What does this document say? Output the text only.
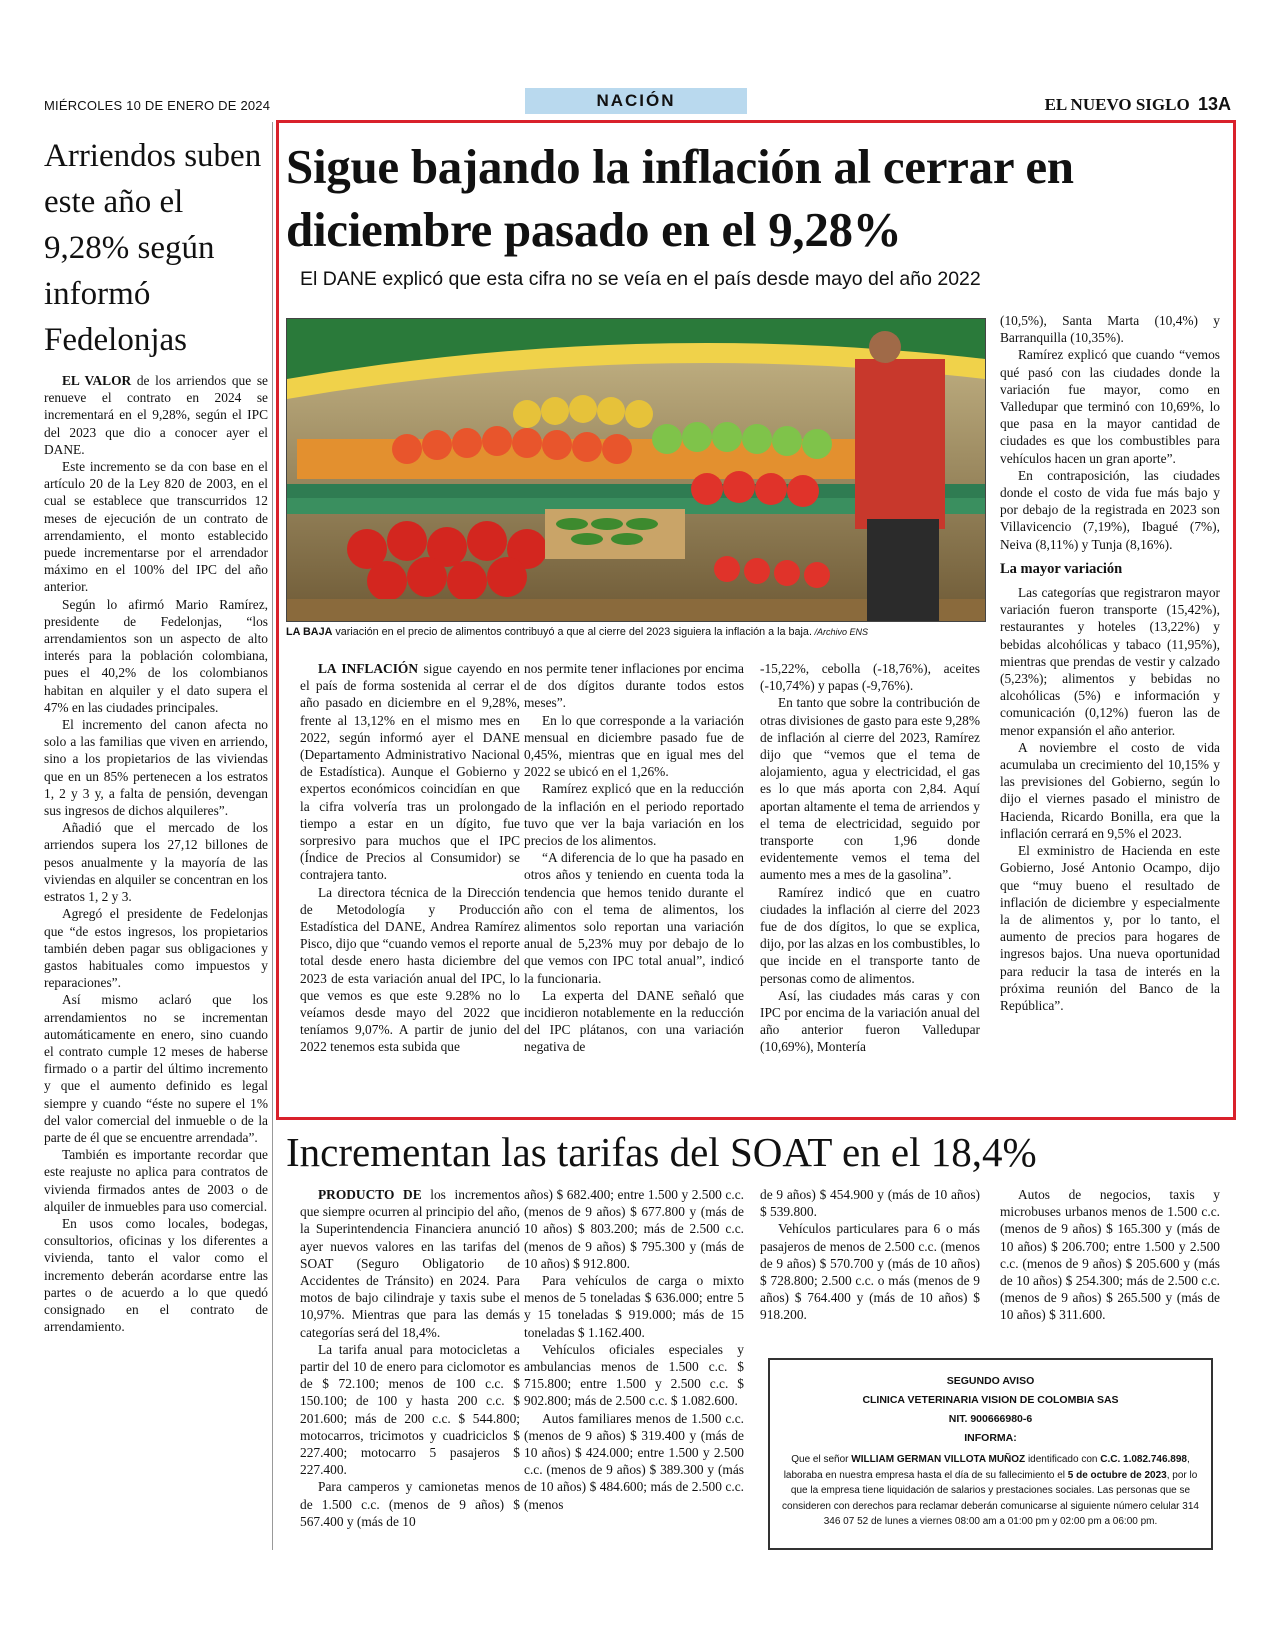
MIÉRCOLES 10 DE ENERO DE 2024	NACIÓN	EL NUEVO SIGLO 13A
Arriendos suben este año el 9,28% según informó Fedelonjas

EL VALOR de los arriendos que se renueve el contrato en 2024 se incrementará en el 9,28%, según el IPC del 2023 que dio a conocer ayer el DANE.

Este incremento se da con base en el artículo 20 de la Ley 820 de 2003, en el cual se establece que transcurridos 12 meses de ejecución de un contrato de arrendamiento, el monto establecido puede incrementarse por el arrendador máximo en el 100% del IPC del año anterior.

Según lo afirmó Mario Ramírez, presidente de Fedelonjas, “los arrendamientos son un aspecto de alto interés para la población colombiana, pues el 40,2% de los colombianos habitan en alquiler y el dato supera el 47% en las ciudades principales.

El incremento del canon afecta no solo a las familias que viven en arriendo, sino a los propietarios de las viviendas que en un 85% pertenecen a los estratos 1, 2 y 3 y, a falta de pensión, devengan sus ingresos de dichos alquileres”.

Añadió que el mercado de los arriendos supera los 27,12 billones de pesos anualmente y la mayoría de las viviendas en alquiler se concentran en los estratos 1, 2 y 3.

Agregó el presidente de Fedelonjas que “de estos ingresos, los propietarios también deben pagar sus obligaciones y gastos habituales como impuestos y reparaciones”.

Así mismo aclaró que los arrendamientos no se incrementan automáticamente en enero, sino cuando el contrato cumple 12 meses de haberse firmado o a partir del último incremento y que el aumento definido es legal siempre y cuando “éste no supere el 1% del valor comercial del inmueble o de la parte de él que se encuentre arrendada”.

También es importante recordar que este reajuste no aplica para contratos de vivienda firmados antes de 2003 o de alquiler de inmuebles para uso comercial.

En usos como locales, bodegas, consultorios, oficinas y los diferentes a vivienda, tanto el valor como el incremento deberán acordarse entre las partes o de acuerdo a lo que quedó consignado en el contrato de arrendamiento.

Sigue bajando la inflación al cerrar en diciembre pasado en el 9,28%
El DANE explicó que esta cifra no se veía en el país desde mayo del año 2022
LA BAJA variación en el precio de alimentos contribuyó a que al cierre del 2023 siguiera la inflación a la baja. /Archivo ENS

LA INFLACIÓN sigue cayendo en el país de forma sostenida al cerrar el año pasado en diciembre en el 9,28%, frente al 13,12% en el mismo mes en 2022, según informó ayer el DANE (Departamento Administrativo Nacional de Estadística). Aunque el Gobierno y expertos económicos coincidían en que la cifra volvería tras un prolongado tiempo a estar en un dígito, fue sorpresivo para muchos que el IPC (Índice de Precios al Consumidor) se contrajera tanto.

La directora técnica de la Dirección de Metodología y Producción Estadística del DANE, Andrea Ramírez Pisco, dijo que “cuando vemos el reporte total desde enero hasta diciembre del 2023 de esta variación anual del IPC, lo que vemos es que este 9.28% no lo veíamos desde mayo del 2022 que teníamos 9,07%. A partir de junio del 2022 tenemos esta subida que

nos permite tener inflaciones por encima de dos dígitos durante todos estos meses”.

En lo que corresponde a la variación mensual en diciembre pasado fue de 0,45%, mientras que en igual mes del 2022 se ubicó en el 1,26%.

Ramírez explicó que en la reducción de la inflación en el periodo reportado tuvo que ver la baja variación en los precios de los alimentos.

“A diferencia de lo que ha pasado en otros años y teniendo en cuenta toda la tendencia que hemos tenido durante el año con el tema de alimentos, los alimentos solo reportan una variación anual de 5,23% muy por debajo de lo que vemos con IPC total anual”, indicó la funcionaria.

La experta del DANE señaló que incidieron notablemente en la reducción del IPC plátanos, con una variación negativa de

-15,22%, cebolla (-18,76%), aceites (-10,74%) y papas (-9,76%).

En tanto que sobre la contribución de otras divisiones de gasto para este 9,28% de inflación al cierre del 2023, Ramírez dijo que “vemos que el tema de alojamiento, agua y electricidad, el gas es lo que más aporta con 2,84. Aquí aportan altamente el tema de arriendos y el tema de electricidad, seguido por transporte con 1,96 donde evidentemente vemos el tema del aumento mes a mes de la gasolina”.

Ramírez indicó que en cuatro ciudades la inflación al cierre del 2023 fue de dos dígitos, lo que se explica, dijo, por las alzas en los combustibles, lo que incide en el transporte tanto de personas como de alimentos.

Así, las ciudades más caras y con IPC por encima de la variación anual del año anterior fueron Valledupar (10,69%), Montería

(10,5%), Santa Marta (10,4%) y Barranquilla (10,35%).

Ramírez explicó que cuando “vemos qué pasó con las ciudades donde la variación fue mayor, como en Valledupar que terminó con 10,69%, lo que pasa en la mayor cantidad de ciudades es que los combustibles para vehículos hacen un gran aporte”.

En contraposición, las ciudades donde el costo de vida fue más bajo y por debajo de la registrada en 2023 son Villavicencio (7,19%), Ibagué (7%), Neiva (8,11%) y Tunja (8,16%).

La mayor variación

Las categorías que registraron mayor variación fueron transporte (15,42%), restaurantes y hoteles (13,22%) y bebidas alcohólicas y tabaco (11,95%), mientras que prendas de vestir y calzado (5,23%); alimentos y bebidas no alcohólicas (5%) e información y comunicación (0,12%) fueron las de menor expansión el año anterior.

A noviembre el costo de vida acumulaba un crecimiento del 10,15% y las previsiones del Gobierno, según lo dijo el viernes pasado el ministro de Hacienda, Ricardo Bonilla, era que la inflación cerrará en 9,5% el 2023.

El exministro de Hacienda en este Gobierno, José Antonio Ocampo, dijo que “muy bueno el resultado de inflación de diciembre y especialmente la de alimentos y, por lo tanto, el aumento de precios para hogares de ingresos bajos. Una nueva oportunidad para reducir la tasa de interés en la próxima reunión del Banco de la República”.

Incrementan las tarifas del SOAT en el 18,4%

PRODUCTO DE los incrementos que siempre ocurren al principio del año, la Superintendencia Financiera anunció ayer nuevos valores en las tarifas del SOAT (Seguro Obligatorio de Accidentes de Tránsito) en 2024. Para motos de bajo cilindraje y taxis sube el 10,97%. Mientras que para las demás categorías será del 18,4%.

La tarifa anual para motocicletas a partir del 10 de enero para ciclomotor es de $ 72.100; menos de 100 c.c. $ 150.100; de 100 y hasta 200 c.c. $ 201.600; más de 200 c.c. $ 544.800; motocarros, tricimotos y cuadriciclos $ 227.400; motocarro 5 pasajeros $ 227.400.

Para camperos y camionetas menos de 1.500 c.c. (menos de 9 años) $ 567.400 y (más de 10

años) $ 682.400; entre 1.500 y 2.500 c.c. (menos de 9 años) $ 677.800 y (más de 10 años) $ 803.200; más de 2.500 c.c. (menos de 9 años) $ 795.300 y (más de 10 años) $ 912.800.

Para vehículos de carga o mixto menos de 5 toneladas $ 636.000; entre 5 y 15 toneladas $ 919.000; más de 15 toneladas $ 1.162.400.

Vehículos oficiales especiales y ambulancias menos de 1.500 c.c. $ 715.800; entre 1.500 y 2.500 c.c. $ 902.800; más de 2.500 c.c. $ 1.082.600.

Autos familiares menos de 1.500 c.c. (menos de 9 años) $ 319.400 y (más de 10 años) $ 424.000; entre 1.500 y 2.500 c.c. (menos de 9 años) $ 389.300 y (más de 10 años) $ 484.600; más de 2.500 c.c. (menos

de 9 años) $ 454.900 y (más de 10 años) $ 539.800.

Vehículos particulares para 6 o más pasajeros de menos de 2.500 c.c. (menos de 9 años) $ 570.700 y (más de 10 años) $ 728.800; 2.500 c.c. o más (menos de 9 años) $ 764.400 y (más de 10 años) $ 918.200.

Autos de negocios, taxis y microbuses urbanos menos de 1.500 c.c. (menos de 9 años) $ 165.300 y (más de 10 años) $ 206.700; entre 1.500 y 2.500 c.c. (menos de 9 años) $ 205.600 y (más de 10 años) $ 254.300; más de 2.500 c.c. (menos de 9 años) $ 265.500 y (más de 10 años) $ 311.600.

SEGUNDO AVISO
CLINICA VETERINARIA VISION DE COLOMBIA SAS
NIT. 900666980-6
INFORMA:
Que el señor WILLIAM GERMAN VILLOTA MUÑOZ identificado con C.C. 1.082.746.898, laboraba en nuestra empresa hasta el día de su fallecimiento el 5 de octubre de 2023, por lo que la empresa tiene liquidación de salarios y prestaciones sociales. Las personas que se consideren con derechos para reclamar deberán comunicarse al siguiente número celular 314 346 07 52 de lunes a viernes 08:00 am a 01:00 pm y 02:00 pm a 06:00 pm.
